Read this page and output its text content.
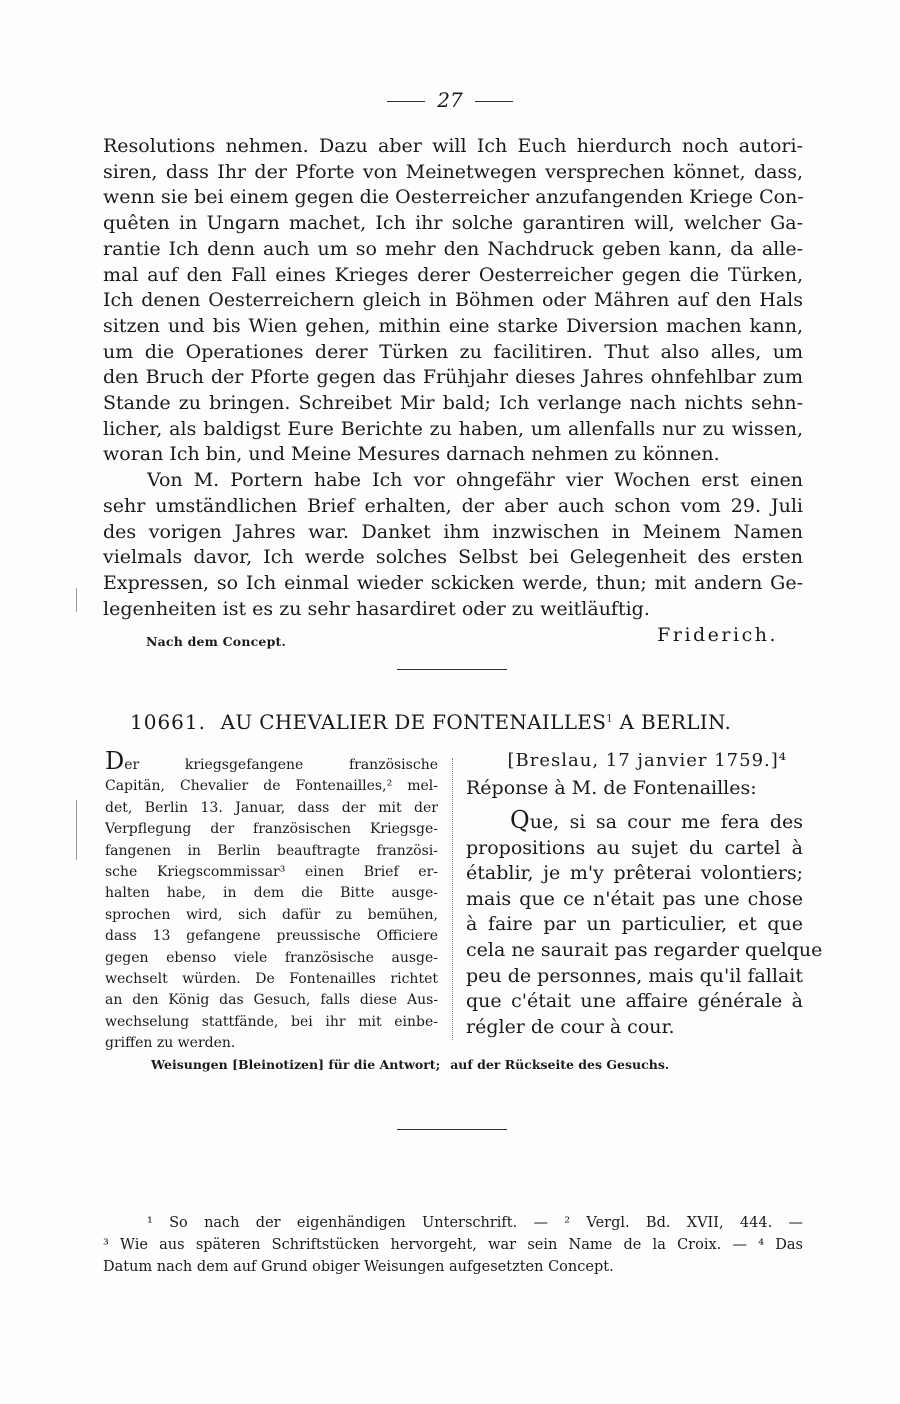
27
Resolutions nehmen. Dazu aber will Ich Euch hierdurch noch autori-
siren, dass Ihr der Pforte von Meinetwegen versprechen könnet, dass,
wenn sie bei einem gegen die Oesterreicher anzufangenden Kriege Con-
quêten in Ungarn machet, Ich ihr solche garantiren will, welcher Ga-
rantie Ich denn auch um so mehr den Nachdruck geben kann, da alle-
mal auf den Fall eines Krieges derer Oesterreicher gegen die Türken,
Ich denen Oesterreichern gleich in Böhmen oder Mähren auf den Hals
sitzen und bis Wien gehen, mithin eine starke Diversion machen kann,
um die Operationes derer Türken zu facilitiren. Thut also alles, um
den Bruch der Pforte gegen das Frühjahr dieses Jahres ohnfehlbar zum
Stande zu bringen. Schreibet Mir bald; Ich verlange nach nichts sehn-
licher, als baldigst Eure Berichte zu haben, um allenfalls nur zu wissen,
woran Ich bin, und Meine Mesures darnach nehmen zu können.
Von M. Portern habe Ich vor ohngefähr vier Wochen erst einen
sehr umständlichen Brief erhalten, der aber auch schon vom 29. Juli
des vorigen Jahres war. Danket ihm inzwischen in Meinem Namen
vielmals davor, Ich werde solches Selbst bei Gelegenheit des ersten
Expressen, so Ich einmal wieder sckicken werde, thun; mit andern Ge-
legenheiten ist es zu sehr hasardiret oder zu weitläuftig.
Nach dem Concept.	Friderich.
10661. AU CHEVALIER DE FONTENAILLES$^1$ A BERLIN.
Der kriegsgefangene französische
Capitän, Chevalier de Fontenailles,² mel-
det, Berlin 13. Januar, dass der mit der
Verpflegung der französischen Kriegsge-
fangenen in Berlin beauftragte französi-
sche Kriegscommissar³ einen Brief er-
halten habe, in dem die Bitte ausge-
sprochen wird, sich dafür zu bemühen,
dass 13 gefangene preussische Officiere
gegen ebenso viele französische ausge-
wechselt würden. De Fontenailles richtet
an den König das Gesuch, falls diese Aus-
wechselung stattfände, bei ihr mit einbe-
griffen zu werden.
[Breslau, 17 janvier 1759.]⁴
Réponse à M. de Fontenailles:
Que, si sa cour me fera des
propositions au sujet du cartel à
établir, je m'y prêterai volontiers;
mais que ce n'était pas une chose
à faire par un particulier, et que
cela ne saurait pas regarder quelque
peu de personnes, mais qu'il fallait
que c'était une affaire générale à
régler de cour à cour.
Weisungen [Bleinotizen] für die Antwort; auf der Rückseite des Gesuchs.
¹ So nach der eigenhändigen Unterschrift. — ² Vergl. Bd. XVII, 444. —
³ Wie aus späteren Schriftstücken hervorgeht, war sein Name de la Croix. — ⁴ Das
Datum nach dem auf Grund obiger Weisungen aufgesetzten Concept.
